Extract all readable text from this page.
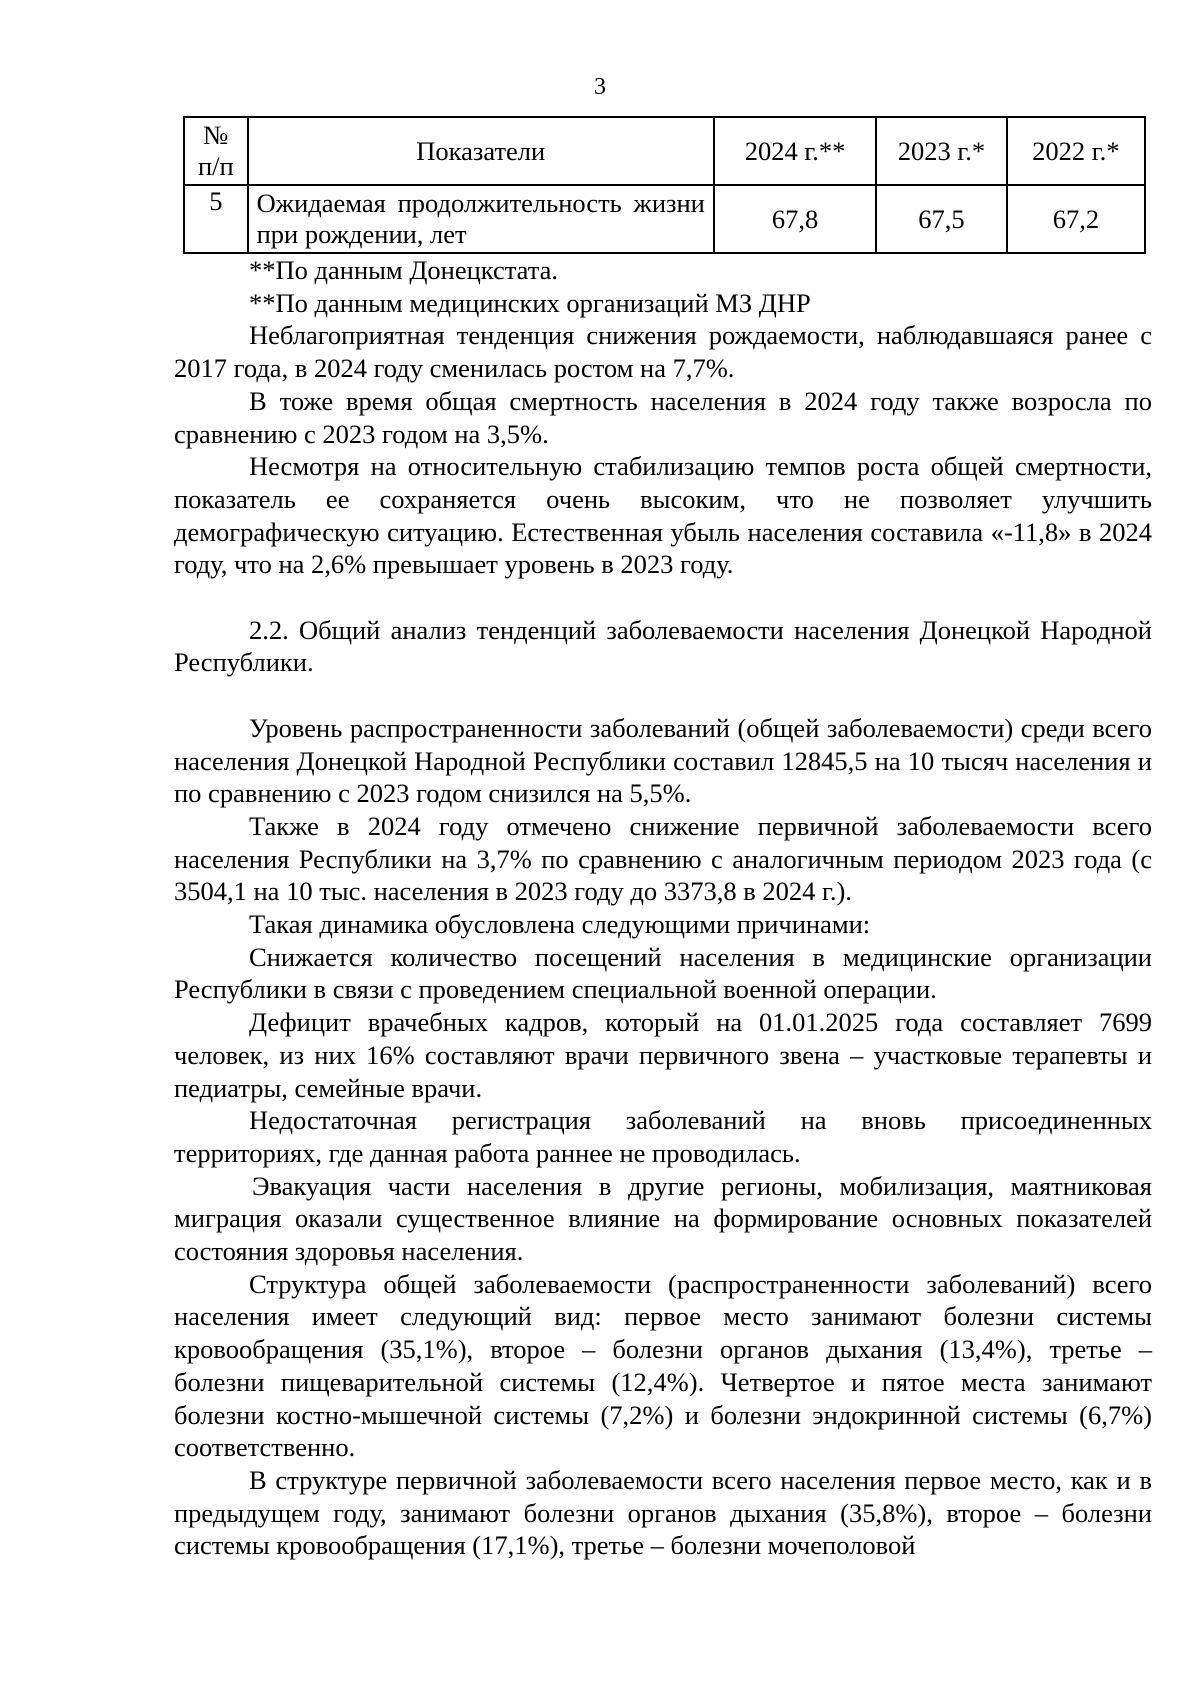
3
№ п/п	Показатели	2024 г.**	2023 г.*	2022 г.*
5	Ожидаемая продолжительность жизни при рождении, лет	67,8	67,5	67,2

**По данным Донецкстата.

**По данным медицинских организаций МЗ ДНР

Неблагоприятная тенденция снижения рождаемости, наблюдавшаяся ранее с 2017 года, в 2024 году сменилась ростом на 7,7%.

В тоже время общая смертность населения в 2024 году также возросла по сравнению с 2023 годом на 3,5%.

Несмотря на относительную стабилизацию темпов роста общей смертности, показатель ее сохраняется очень высоким, что не позволяет улучшить демографическую ситуацию. Естественная убыль населения составила «-11,8» в 2024 году, что на 2,6% превышает уровень в 2023 году.

2.2. Общий анализ тенденций заболеваемости населения Донецкой Народной Республики.

Уровень распространенности заболеваний (общей заболеваемости) среди всего населения Донецкой Народной Республики составил 12845,5 на 10 тысяч населения и по сравнению с 2023 годом снизился на 5,5%.

Также в 2024 году отмечено снижение первичной заболеваемости всего населения Республики на 3,7% по сравнению с аналогичным периодом 2023 года (с 3504,1 на 10 тыс. населения в 2023 году до 3373,8 в 2024 г.).

Такая динамика обусловлена следующими причинами:

Снижается количество посещений населения в медицинские организации Республики в связи с проведением специальной военной операции.

Дефицит врачебных кадров, который на 01.01.2025 года составляет 7699 человек, из них 16% составляют врачи первичного звена – участковые терапевты и педиатры, семейные врачи.

Недостаточная регистрация заболеваний на вновь присоединенных территориях, где данная работа раннее не проводилась.

Эвакуация части населения в другие регионы, мобилизация, маятниковая миграция оказали существенное влияние на формирование основных показателей состояния здоровья населения.

Структура общей заболеваемости (распространенности заболеваний) всего населения имеет следующий вид: первое место занимают болезни системы кровообращения (35,1%), второе – болезни органов дыхания (13,4%), третье – болезни пищеварительной системы (12,4%). Четвертое и пятое места занимают болезни костно-мышечной системы (7,2%) и болезни эндокринной системы (6,7%) соответственно.

В структуре первичной заболеваемости всего населения первое место, как и в предыдущем году, занимают болезни органов дыхания (35,8%), второе – болезни системы кровообращения (17,1%), третье – болезни мочеполовой
